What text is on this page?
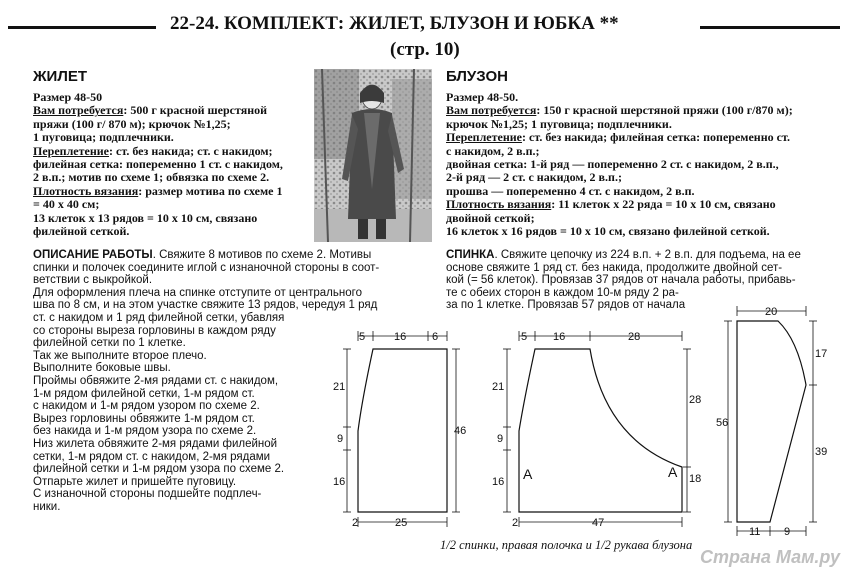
22-24. КОМПЛЕКТ: ЖИЛЕТ, БЛУЗОН И ЮБКА **
(стр. 10)
ЖИЛЕТ
Размер 48-50
Вам потребуется: 500 г красной шерстяной
пряжи (100 г/ 870 м); крючок №1,25;
1 пуговица; подплечники.
Переплетение: ст. без накида; ст. с накидом;
филейная сетка: попеременно 1 ст. с накидом,
2 в.п.; мотив по схеме 1; обвязка по схеме 2.
Плотность вязания: размер мотива по схеме 1
= 40 х 40 см;
13 клеток х 13 рядов = 10 х 10 см, связано
филейной сеткой.
БЛУЗОН
Размер 48-50.
Вам потребуется: 150 г красной шерстяной пряжи (100 г/870 м);
крючок №1,25; 1 пуговица; подплечники.
Переплетение: ст. без накида; филейная сетка: попеременно ст.
с накидом, 2 в.п.;
двойная сетка: 1-й ряд — попеременно 2 ст. с накидом, 2 в.п.,
2-й ряд — 2 ст. с накидом, 2 в.п.;
прошва — попеременно 4 ст. с накидом, 2 в.п.
Плотность вязания: 11 клеток х 22 ряда = 10 х 10 см, связано
двойной сеткой;
16 клеток х 16 рядов = 10 х 10 см, связано филейной сеткой.
ОПИСАНИЕ РАБОТЫ. Свяжите 8 мотивов по схеме 2. Мотивы
спинки и полочек соедините иглой с изнаночной стороны в соот-
ветствии с выкройкой.
Для оформления плеча на спинке отступите от центрального
шва по 8 см, и на этом участке свяжите 13 рядов, чередуя 1 ряд
ст. с накидом и 1 ряд филейной сетки, убавляя
со стороны выреза горловины в каждом ряду
филейной сетки по 1 клетке.
Так же выполните второе плечо.
Выполните боковые швы.
Проймы обвяжите 2-мя рядами ст. с накидом,
1-м рядом филейной сетки, 1-м рядом ст.
с накидом и 1-м рядом узором по схеме 2.
Вырез горловины обвяжите 1-м рядом ст.
без накида и 1-м рядом узора по схеме 2.
Низ жилета обвяжите 2-мя рядами филейной
сетки, 1-м рядом ст. с накидом, 2-мя рядами
филейной сетки и 1-м рядом узора по схеме 2.
Отпарьте жилет и пришейте пуговицу.
С изнаночной стороны подшейте подплеч-
ники.
СПИНКА. Свяжите цепочку из 224 в.п. + 2 в.п. для подъема, на ее
основе свяжите 1 ряд ст. без накида, продолжите двойной сет-
кой (= 56 клеток). Провязав 37 рядов от начала работы, прибавь-
те с обеих сторон в каждом 10-м ряду 2 ра-
за по 1 клетке. Провязав 57 рядов от начала
5	16 6
21
9
16
46
2	25
5 16	28
21
9
16 A	A
28
18
2	47
20
56
17
39
11 9
1/2 спинки, правая полочка и 1/2 рукава блузона
Страна Мам.ру
